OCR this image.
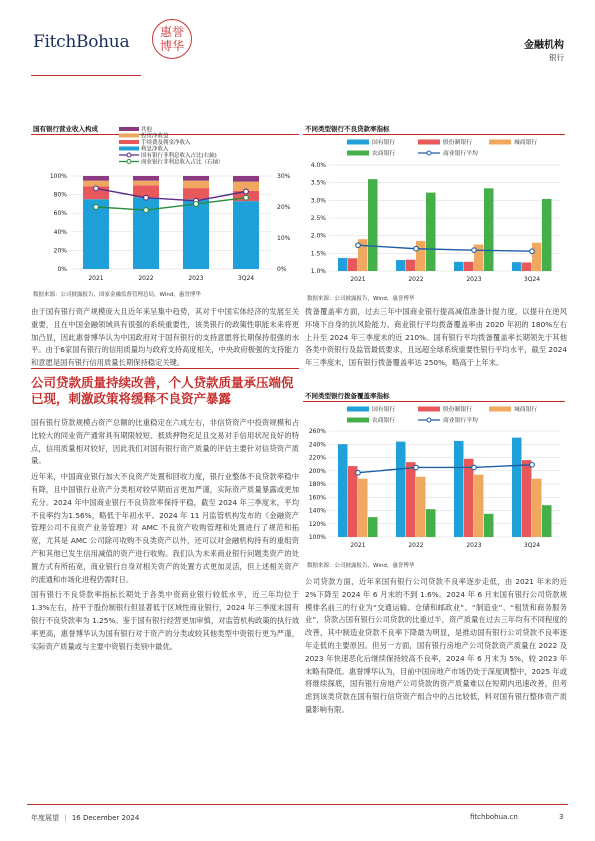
FitchBohua	惠誉
博华	金融机构
银行
国有银行营业收入构成	其他
投资净收益
手续费及佣金净收入
利息净收入
国有银行非利息收入占比(右轴)
商业银行非利息收入占比（右轴）
0%
20%
40%
60%
80%
100%
0%
10%
20%
30%
2021	2022	2023	3Q24
数据来源：公司披露报告，国家金融监督管理总局，Wind，惠誉博华
不同类型银行不良贷款率指标
国有银行	股份制银行	城商银行
农商银行	商业银行平均
1.0%
1.5%
2.0%
2.5%
3.0%
3.5%
4.0%
2021	2022	2023	3Q24
数据来源：公司披露报告，Wind，惠誉博华
由于国有银行资产规模庞大且近年来呈集中趋势，其对于中国实体经济的发展至关重要，且在中国金融领域具有很强的系统重要性，该类银行的政策性职能未来将更加凸显，因此惠誉博华认为中国政府对于国有银行的支持意愿将长期保持很强的水平。由于6家国有银行的信用质量均与政府支持高度相关，中央政府极强的支持能力和意愿是国有银行信用质量长期保持稳定关键。
公司贷款质量持续改善，个人贷款质量承压端倪已现，刺激政策将缓释不良资产暴露

国有银行贷款规模占资产总额的比重稳定在六成左右，非信贷资产中投资规模和占比较大的同业资产通常具有期限较短、抵质押物充足且交易对手信用状况良好的特点，信用质量相对较好，因此我们对国有银行资产质量的评估主要针对信贷资产质量。

近年来，中国商业银行加大不良资产处置和回收力度，银行业整体不良贷款率稳中有降，且中国银行业资产分类相对较早期而言更加严谨，实际资产质量暴露或更加充分。2024 年中国商业银行不良贷款率保持平稳，截至 2024 年三季度末，平均不良率约为1.56%，略低于年初水平。2024 年 11 月监管机构发布的《金融资产管理公司不良资产业务管理》对 AMC 不良资产收购管理和处置进行了规范和拓宽，尤其是 AMC 公司除可收购不良类资产以外，还可以对金融机构持有的重组资产和其他已发生信用减值的资产进行收购。我们认为未来商业银行问题类资产的处置方式有所拓宽，商业银行自身对相关资产的处置方式更加灵活，但上述相关资产的流通和市场化进程仍需时日。

国有银行不良贷款率指标长期处于各类中资商业银行较低水平，近三年均位于 1.3%左右，持平于股份制银行但显著低于区域性商业银行，2024 年三季度末国有银行不良贷款率为 1.25%。鉴于国有银行经营更加审慎，对监管机构政策的执行效率更高，惠誉博华认为国有银行对于资产的分类或较其他类型中资银行更为严谨，实际资产质量或与主要中资银行类别中最优。

拨备覆盖率方面，过去三年中国商业银行提高减值准备计提力度，以提升在逆风环境下自身的抗风险能力。商业银行平均拨备覆盖率由 2020 年初的 180%左右上升至 2024 年三季度末的近 210%。国有银行平均拨备覆盖率长期领先于其他各类中资银行及监管最低要求，且远超全球系统重要性银行平均水平，截至 2024 年三季度末，国有银行拨备覆盖率达 250%，略高于上年末。
不同类型银行拨备覆盖率指标
国有银行	股份制银行	城商银行
农商银行	商业银行平均
100%
120%
140%
160%
180%
200%
220%
240%
260%
2021	2022	2023	3Q24
数据来源：公司披露报告，Wind，惠誉博华
公司贷款方面，近年来国有银行公司贷款不良率逐步走低，由 2021 年末的近 2%下降至 2024 年 6 月末的不到 1.6%。2024 年 6 月末国有银行公司贷款规模排名前三的行业为“交通运输、仓储和邮政业”、“制造业”、“租赁和商务服务业”，贷款占国有银行公司贷款的比重过半，资产质量在过去三年均有不同程度的改善，其中制造业贷款不良率下降最为明显，是推动国有银行公司贷款不良率逐年走低的主要原因。但另一方面，国有银行房地产公司贷款资产质量在 2022 及 2023 年快速恶化后继续保持较高不良率，2024 年 6 月末为 5%，较 2023 年末略有降低。惠誉博华认为，目前中国房地产市场仍处于深度调整中，2025 年或将继续探底，国有银行房地产公司贷款的资产质量难以在短期内迅速改善，但考虑到该类贷款在国有银行信贷资产组合中的占比较低，料对国有银行整体资产质量影响有限。
年度展望 | 16 December 2024	fitchbohua.cn	3
